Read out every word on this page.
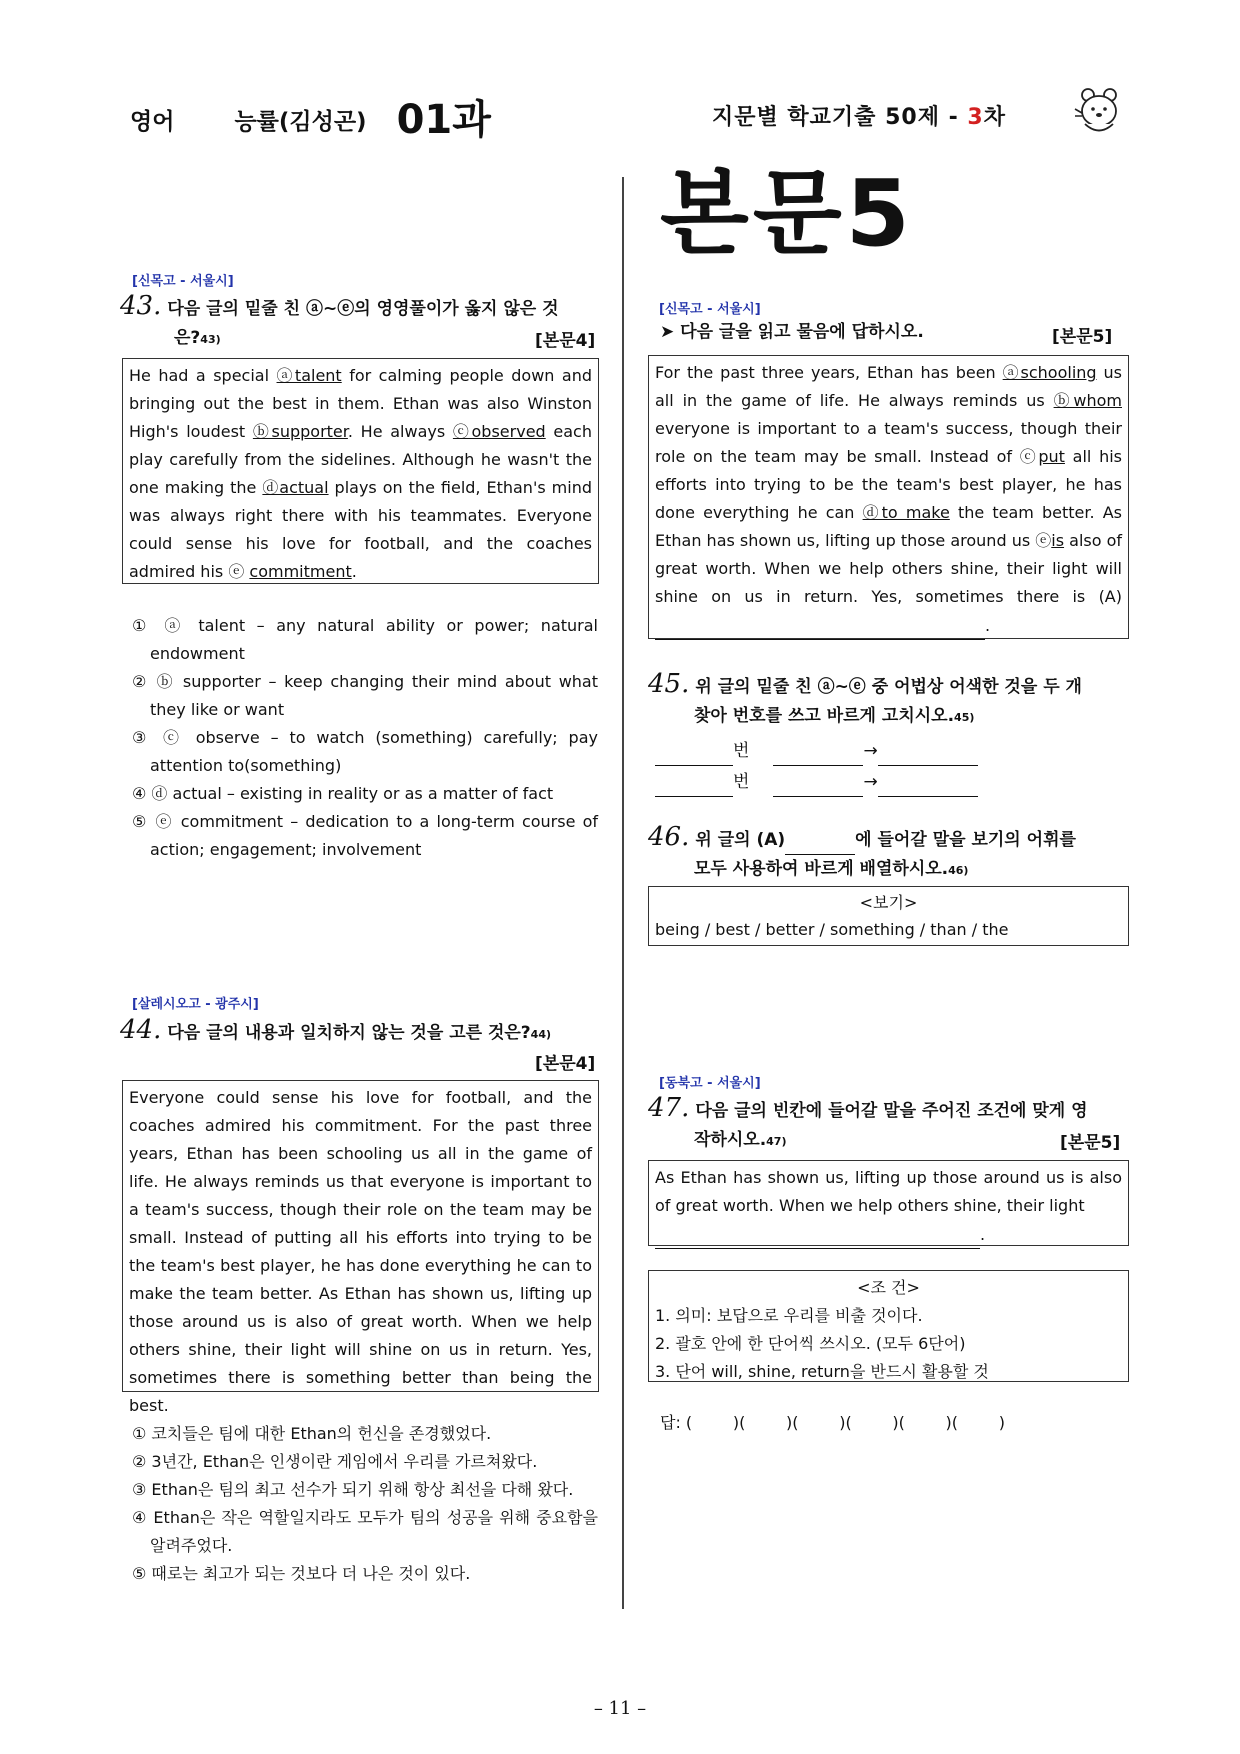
영어	능률(김성곤) 01과	지문별 학교기출 50제 - 3차
본문5
[신목고 - 서울시]
43. 다음 글의 밑줄 친 ⓐ~ⓔ의 영영풀이가 옳지 않은 것
은?43)	[본문4]
He had a special ⓐtalent for calming people down and bringing out the best in them. Ethan was also Winston High's loudest ⓑsupporter. He always ⓒobserved each play carefully from the sidelines. Although he wasn't the one making the ⓓactual plays on the field, Ethan's mind was always right there with his teammates. Everyone could sense his love for football, and the coaches admired his ⓔ commitment.
① ⓐ talent – any natural ability or power; natural endowment
② ⓑ supporter – keep changing their mind about what they like or want
③ ⓒ observe – to watch (something) carefully; pay attention to(something)
④ ⓓ actual – existing in reality or as a matter of fact
⑤ ⓔ commitment – dedication to a long-term course of action; engagement; involvement
[살레시오고 - 광주시]
44. 다음 글의 내용과 일치하지 않는 것을 고른 것은?44)
[본문4]
Everyone could sense his love for football, and the coaches admired his commitment. For the past three years, Ethan has been schooling us all in the game of life. He always reminds us that everyone is important to a team's success, though their role on the team may be small. Instead of putting all his efforts into trying to be the team's best player, he has done everything he can to make the team better. As Ethan has shown us, lifting up those around us is also of great worth. When we help others shine, their light will shine on us in return. Yes, sometimes there is something better than being the best.
① 코치들은 팀에 대한 Ethan의 헌신을 존경했었다.
② 3년간, Ethan은 인생이란 게임에서 우리를 가르쳐왔다.
③ Ethan은 팀의 최고 선수가 되기 위해 항상 최선을 다해 왔다.
④ Ethan은 작은 역할일지라도 모두가 팀의 성공을 위해 중요함을 알려주었다.
⑤ 때로는 최고가 되는 것보다 더 나은 것이 있다.
[신목고 - 서울시]
➤ 다음 글을 읽고 물음에 답하시오.	[본문5]
For the past three years, Ethan has been ⓐschooling us all in the game of life. He always reminds us ⓑwhom everyone is important to a team's success, though their role on the team may be small. Instead of ⓒput all his efforts into trying to be the team's best player, he has done everything he can ⓓto make the team better. As Ethan has shown us, lifting up those around us ⓔis also of great worth. When we help others shine, their light will shine on us in return. Yes, sometimes there is (A) .
45. 위 글의 밑줄 친 ⓐ~ⓔ 중 어법상 어색한 것을 두 개
찾아 번호를 쓰고 바르게 고치시오.45)
번	→
번	→
46. 위 글의 (A)	에 들어갈 말을 보기의 어휘를
모두 사용하여 바르게 배열하시오.46)
<보기>
being / best / better / something / than / the
[동북고 - 서울시]
47. 다음 글의 빈칸에 들어갈 말을 주어진 조건에 맞게 영
작하시오.47)	[본문5]
As Ethan has shown us, lifting up those around us is also of great worth. When we help others shine, their light
.
<조 건>
1. 의미: 보답으로 우리를 비출 것이다.
2. 괄호 안에 한 단어씩 쓰시오. (모두 6단어)
3. 단어 will, shine, return을 반드시 활용할 것
답: (        )(        )(        )(        )(        )(        )
– 11 –
